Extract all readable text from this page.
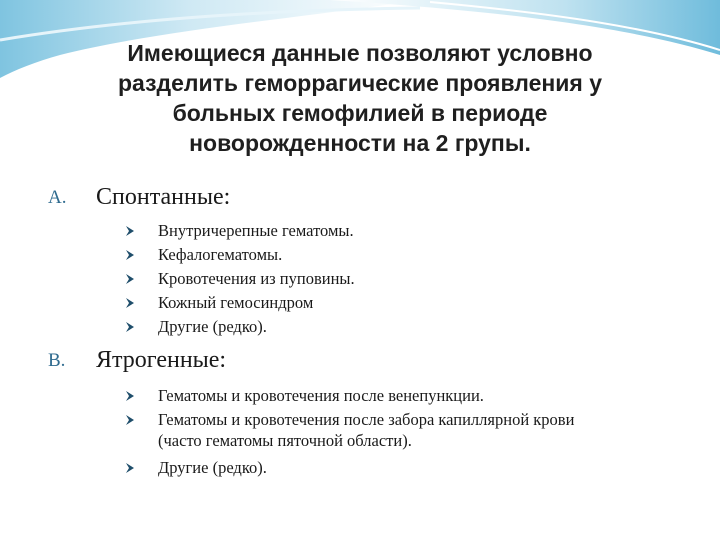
Имеющиеся данные позволяют условно
разделить геморрагические проявления у
больных гемофилией в периоде
новорожденности на 2 групы.
A. Спонтанные:
Внутричерепные гематомы.
Кефалогематомы.
Кровотечения из пуповины.
Кожный гемосиндром
Другие (редко).
B. Ятрогенные:
Гематомы и кровотечения после венепункции.
Гематомы и кровотечения после забора капиллярной крови (часто гематомы пяточной области).
Другие (редко).
